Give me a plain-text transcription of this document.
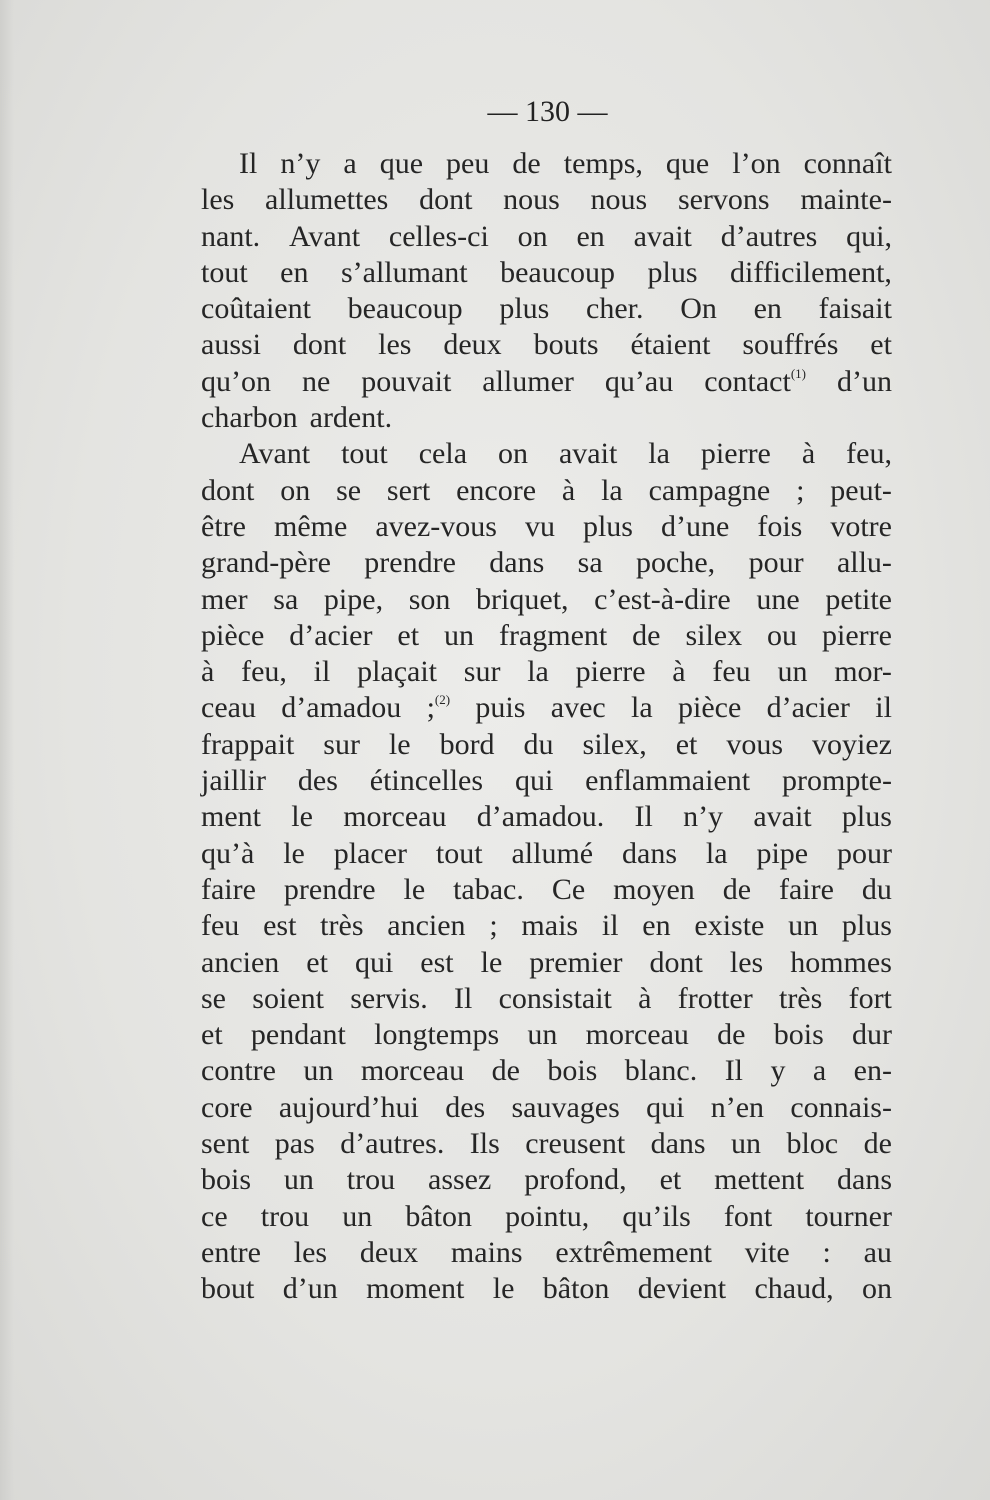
— 130 —
Il n’y a que peu de temps, que l’on connaît
les allumettes dont nous nous servons mainte-
nant. Avant celles-ci on en avait d’autres qui,
tout en s’allumant beaucoup plus difficilement,
coûtaient beaucoup plus cher. On en faisait
aussi dont les deux bouts étaient souffrés et
qu’on ne pouvait allumer qu’au contact$^{(1)}$ d’un
charbon ardent.
Avant tout cela on avait la pierre à feu,
dont on se sert encore à la campagne ; peut-
être même avez-vous vu plus d’une fois votre
grand-père prendre dans sa poche, pour allu-
mer sa pipe, son briquet, c’est-à-dire une petite
pièce d’acier et un fragment de silex ou pierre
à feu, il plaçait sur la pierre à feu un mor-
ceau d’amadou ;$^{(2)}$ puis avec la pièce d’acier il
frappait sur le bord du silex, et vous voyiez
jaillir des étincelles qui enflammaient prompte-
ment le morceau d’amadou. Il n’y avait plus
qu’à le placer tout allumé dans la pipe pour
faire prendre le tabac. Ce moyen de faire du
feu est très ancien ; mais il en existe un plus
ancien et qui est le premier dont les hommes
se soient servis. Il consistait à frotter très fort
et pendant longtemps un morceau de bois dur
contre un morceau de bois blanc. Il y a en-
core aujourd’hui des sauvages qui n’en connais-
sent pas d’autres. Ils creusent dans un bloc de
bois un trou assez profond, et mettent dans
ce trou un bâton pointu, qu’ils font tourner
entre les deux mains extrêmement vite : au
bout d’un moment le bâton devient chaud, on
